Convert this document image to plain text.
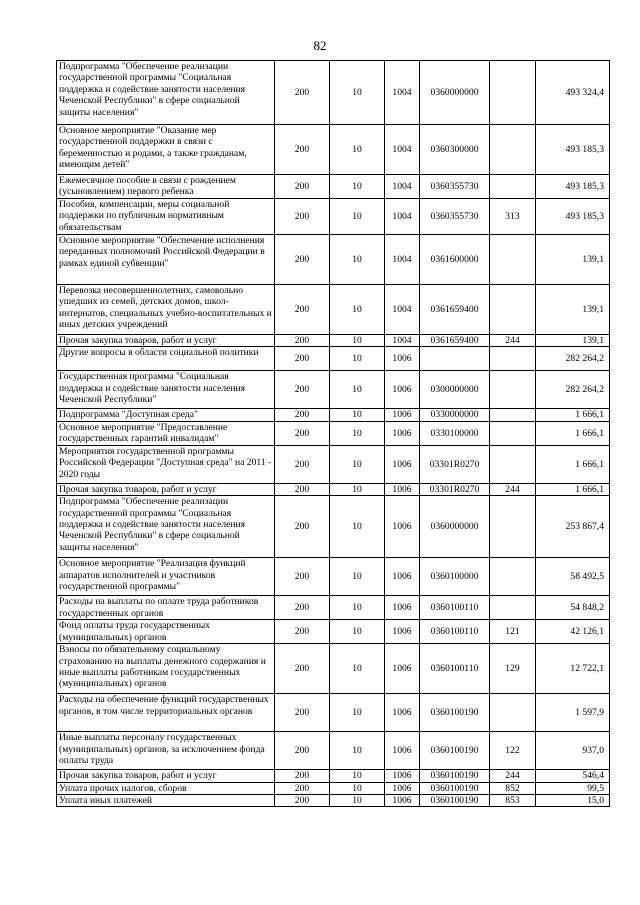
82
Подпрограмма "Обеспечение реализации государственной программы "Социальная поддержка и содействие занятости населения Чеченской Республики" в сфере социальной защиты населения"	200	10	1004	0360000000		493 324,4
Основное мероприятие "Оказание мер государственной поддержки в связи с беременностью и родами, а также гражданам, имеющим детей"	200	10	1004	0360300000		493 185,3
Ежемесячное пособие в связи с рождением (усыновлением) первого ребенка	200	10	1004	0360355730		493 185,3
Пособия, компенсации, меры социальной поддержки по публичным нормативным обязательствам	200	10	1004	0360355730	313	493 185,3
Основное мероприятие "Обеспечение исполнения переданных полномочий Российской Федерации в рамках единой субвенции"	200	10	1004	0361600000		139,1
Перевозка несовершеннолетних, самовольно ушедших из семей, детских домов, школ-интернатов, специальных учебно-воспитательных и иных детских учреждений	200	10	1004	0361659400		139,1
Прочая закупка товаров, работ и услуг	200	10	1004	0361659400	244	139,1
Другие вопросы в области социальной политики	200	10	1006			282 264,2
Государственная программа "Социальная поддержка и содействие занятости населения Чеченской Республики"	200	10	1006	0300000000		282 264,2
Подпрограмма "Доступная среда"	200	10	1006	0330000000		1 666,1
Основное мероприятие "Предоставление государственных гарантий инвалидам"	200	10	1006	0330100000		1 666,1
Мероприятия государственной программы Российской Федерации "Доступная среда" на 2011 - 2020 годы	200	10	1006	03301R0270		1 666,1
Прочая закупка товаров, работ и услуг	200	10	1006	03301R0270	244	1 666,1
Подпрограмма "Обеспечение реализации государственной программы "Социальная поддержка и содействие занятости населения Чеченской Республики" в сфере социальной защиты населения"	200	10	1006	0360000000		253 867,4
Основное мероприятие "Реализация функций аппаратов исполнителей и участников государственной программы"	200	10	1006	0360100000		58 492,5
Расходы на выплаты по оплате труда работников государственных органов	200	10	1006	0360100110		54 848,2
Фонд оплаты труда государственных (муниципальных) органов	200	10	1006	0360100110	121	42 126,1
Взносы по обязательному социальному страхованию на выплаты денежного содержания и иные выплаты работникам государственных (муниципальных) органов	200	10	1006	0360100110	129	12 722,1
Расходы на обеспечение функций государственных органов, в том числе территориальных органов	200	10	1006	0360100190		1 597,9
Иные выплаты персоналу государственных (муниципальных) органов, за исключением фонда оплаты труда	200	10	1006	0360100190	122	937,0
Прочая закупка товаров, работ и услуг	200	10	1006	0360100190	244	546,4
Уплата прочих налогов, сборов	200	10	1006	0360100190	852	99,5
Уплата иных платежей	200	10	1006	0360100190	853	15,0
